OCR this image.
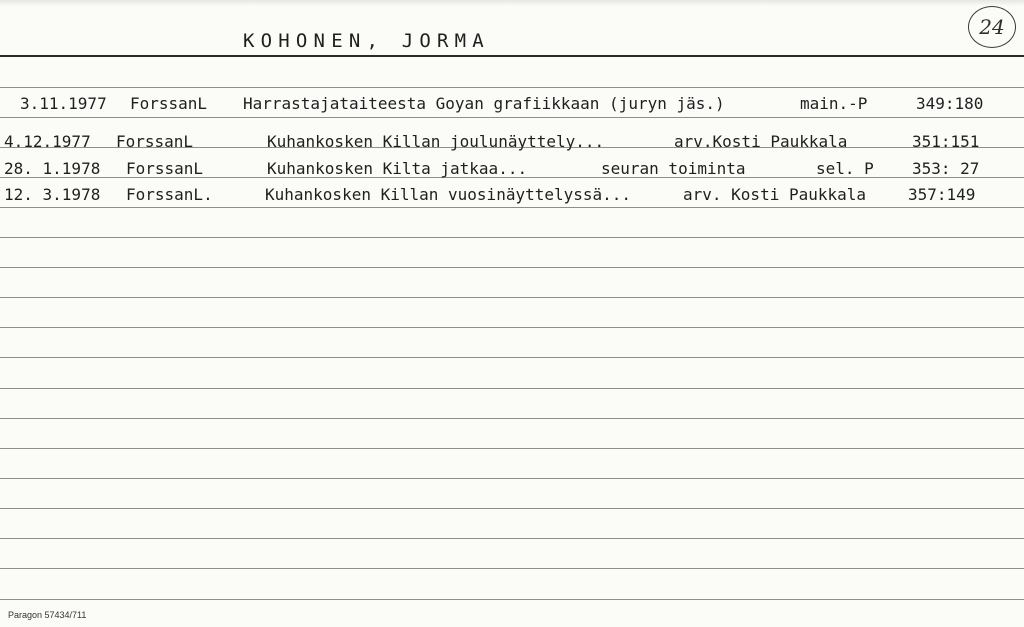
KOHONEN, JORMA
24
3.11.1977 ForssanL Harrastajataiteesta Goyan grafiikkaan (juryn jäs.)	main.-P	349:180
4.12.1977 ForssanL	Kuhankosken Killan joulunäyttely...	arv.Kosti Paukkala	351:151
28. 1.1978 ForssanL	Kuhankosken Kilta jatkaa...	seuran toiminta	sel. P 353: 27
12. 3.1978 ForssanL.	Kuhankosken Killan vuosinäyttelyssä...	arv. Kosti Paukkala	357:149
Paragon 57434/711
